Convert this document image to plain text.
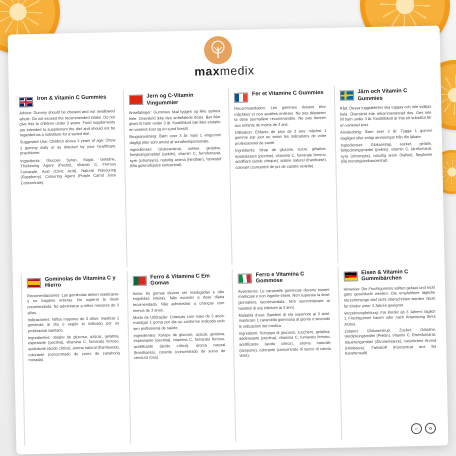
maxmedix
Iron & Vitamin C Gummies

Advice: Dummy should be chewed and not swallowed whole. Do not exceed the recommended intake. Do not give this to children under 3 years. Food supplements are intended to supplement the diet and should not be regarded as a substitute for a varied diet.

Suggested Use: Children above 3 years of age: Chew 1 gummy daily or as directed by your healthcare practitioner.

Ingredients: Glucose Syrup, Sugar, Gelatine, Thickening Agent (Pectin), Vitamin C, Ferrous Fumarate, Acid (Citric Acid), Natural Flavouring (Raspberry), Colouring Agent (Purple Carrot Juice Concentrate).

Jern og C-Vitamin Vingummier

Anbefalinger: Gummies skal tygges og ikke synkes hele. Overskrid ikke den anbefalede dosis. Bør ikke gives til børn under 3 år. Kosttilskud bør ikke erstatte en varieret kost og en sund livsstil.

Brugsanvisning: Børn over 3 år: Spis 1 vingummi dagligt eller som anvist af sundhedspersonale.

Ingredienser: Glukosesirup, sukker, gelatine, fortykningsmiddel (pektin), vitamin C, ferrofumarat, syre (citronsyre), naturlig aroma (hindbær), farvestof (lilla gulerodsjuice koncentrat).

Fer et Vitamine C Gummies

Recommandation: Les gommes doivent être mâchées et non avalées entières. Ne pas dépasser la dose journalière recommandée. Ne pas donner aux enfants de moins de 3 ans.

Utilisation: Enfants de plus de 3 ans: mâcher 1 gomme par jour ou selon les indications de votre professionnel de santé.

Ingrédients: Sirop de glucose, sucre, gélatine, épaississant (pectine), vitamine C, fumarate ferreux, acidifiant (acide citrique), arôme naturel (framboise), colorant (concentré de jus de carotte violette).

Järn och Vitamin C Gummies

Råd: Dessa tuggtabletter ska tuggas och inte sväljas hela. Överskrid inte rekommenderad dos. Ges inte till barn under 3 år. Kosttillskott är inte ett substitut för en varierad kost.

Användning: Barn över 3 år: Tugga 1 gummi dagligen eller enligt anvisningar från din läkare.

Ingredienser: Glukossirap, socker, gelatin, förtjockningsmedel (pektin), vitamin C, järnfumarat, syra (citronsyra), naturlig arom (hallon), färgämne (lila morotsjuicekoncentrat).

Gominolas de Vitamina C y Hierro

Recomendaciones: Las gominolas deben masticarse y no tragarse enteras. No superar la dosis recomendada. No administrar a niños menores de 3 años.

Indicaciones: Niños mayores de 3 años: masticar 1 gominola al día o según lo indicado por su profesional sanitario.

Ingredientes: Jarabe de glucosa, azúcar, gelatina, espesante (pectina), vitamina C, fumarato ferroso, acidulante (ácido cítrico), aroma natural (frambuesa), colorante (concentrado de zumo de zanahoria morada).

Ferro & Vitamina C Em Gomas

Aviso: As gomas devem ser mastigadas e não engolidas inteiras. Não exceder a dose diária recomendada. Não administrar a crianças com menos de 3 anos.

Modo de Utilização: Crianças com mais de 3 anos: mastigar 1 goma por dia ou conforme indicado pelo seu profissional de saúde.

Ingredientes: Xarope de glucose, açúcar, gelatina, espessante (pectina), vitamina C, fumarato ferroso, acidificante (ácido cítrico), aroma natural (framboesa), corante (concentrado de sumo de cenoura roxa).

Ferro e Vitamina C Gommose

Avvertenze: Le caramelle gommose devono essere masticate e non ingerite intere. Non superare la dose giornaliera raccomandata. Non somministrare ai bambini di età inferiore ai 3 anni.

Modalità d'uso: Bambini di età superiore ai 3 anni: masticare 1 caramella gommosa al giorno o secondo le indicazioni del medico.

Ingredienti: Sciroppo di glucosio, zucchero, gelatina, addensante (pectina), vitamina C, fumarato ferroso, acidificante (acido citrico), aroma naturale (lampone), colorante (concentrato di succo di carota viola).

Eisen & Vitamin C Gummibärchen

Hinweise: Die Fruchtgummis sollten gekaut und nicht ganz geschluckt werden. Die empfohlene tägliche Verzehrmenge darf nicht überschritten werden. Nicht für Kinder unter 3 Jahren geeignet.

Verzehrempfehlung: Für Kinder ab 3 Jahren: täglich 1 Fruchtgummi kauen oder nach Anweisung Ihres Arztes.

Zutaten: Glukosesirup, Zucker, Gelatine, Verdickungsmittel (Pektin), Vitamin C, Eisenfumarat, Säuerungsmittel (Zitronensäure), natürliches Aroma (Himbeere), Farbstoff (Konzentrat aus lila Karottensaft).

℮	♻
